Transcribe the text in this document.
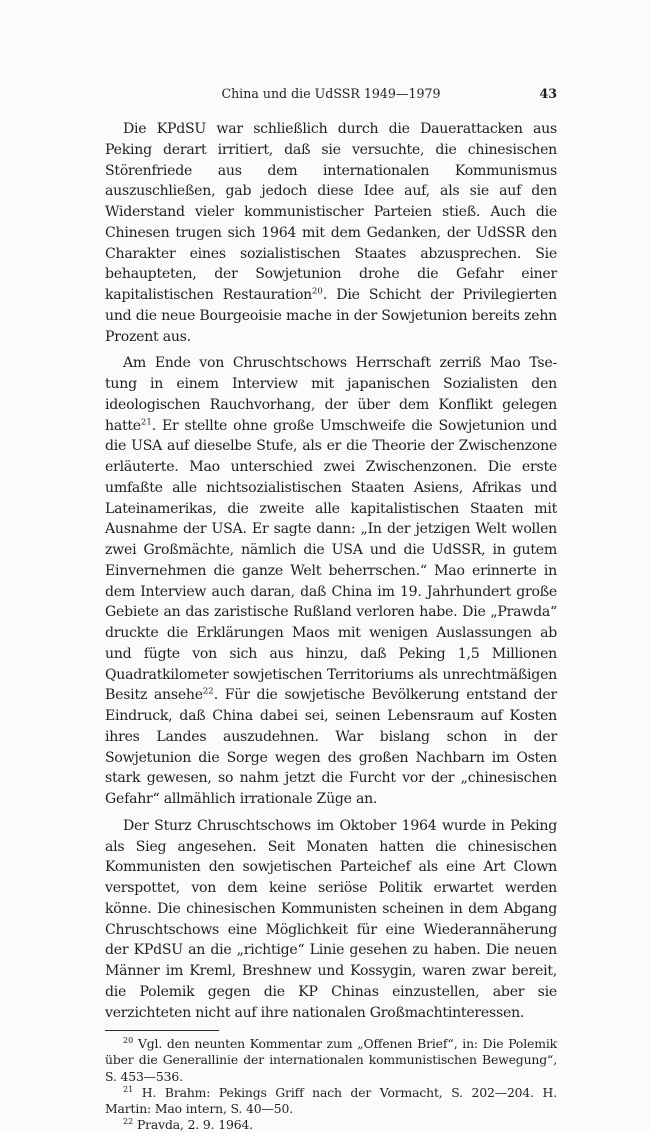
China und die UdSSR 1949—1979	43

Die KPdSU war schließlich durch die Dauerattacken aus Peking derart irritiert, daß sie versuchte, die chinesischen Störenfriede aus dem internationalen Kommunismus auszuschließen, gab jedoch diese Idee auf, als sie auf den Widerstand vieler kommunistischer Parteien stieß. Auch die Chinesen trugen sich 1964 mit dem Gedanken, der UdSSR den Charakter eines sozialistischen Staates abzusprechen. Sie behaupteten, der Sowjetunion drohe die Gefahr einer kapitalistischen Restauration$^{20}$. Die Schicht der Privilegierten und die neue Bourgeoisie mache in der Sowjetunion bereits zehn Prozent aus.

Am Ende von Chruschtschows Herrschaft zerriß Mao Tse-tung in einem Interview mit japanischen Sozialisten den ideologischen Rauchvorhang, der über dem Konflikt gelegen hatte$^{21}$. Er stellte ohne große Umschweife die Sowjetunion und die USA auf dieselbe Stufe, als er die Theorie der Zwischenzone erläuterte. Mao unterschied zwei Zwischenzonen. Die erste umfaßte alle nichtsozialistischen Staaten Asiens, Afrikas und Lateinamerikas, die zweite alle kapitalistischen Staaten mit Ausnahme der USA. Er sagte dann: „In der jetzigen Welt wollen zwei Großmächte, nämlich die USA und die UdSSR, in gutem Einvernehmen die ganze Welt beherrschen.“ Mao erinnerte in dem Interview auch daran, daß China im 19. Jahrhundert große Gebiete an das zaristische Rußland verloren habe. Die „Prawda“ druckte die Erklärungen Maos mit wenigen Auslassungen ab und fügte von sich aus hinzu, daß Peking 1,5 Millionen Quadratkilometer sowjetischen Territoriums als unrechtmäßigen Besitz ansehe$^{22}$. Für die sowjetische Bevölkerung entstand der Eindruck, daß China dabei sei, seinen Lebensraum auf Kosten ihres Landes auszudehnen. War bislang schon in der Sowjetunion die Sorge wegen des großen Nachbarn im Osten stark gewesen, so nahm jetzt die Furcht vor der „chinesischen Gefahr“ allmählich irrationale Züge an.

Der Sturz Chruschtschows im Oktober 1964 wurde in Peking als Sieg angesehen. Seit Monaten hatten die chinesischen Kommunisten den sowjetischen Parteichef als eine Art Clown verspottet, von dem keine seriöse Politik erwartet werden könne. Die chinesischen Kommunisten scheinen in dem Abgang Chruschtschows eine Möglichkeit für eine Wiederannäherung der KPdSU an die „richtige“ Linie gesehen zu haben. Die neuen Männer im Kreml, Breshnew und Kossygin, waren zwar bereit, die Polemik gegen die KP Chinas einzustellen, aber sie verzichteten nicht auf ihre nationalen Großmachtinteressen.

$^{20}$ Vgl. den neunten Kommentar zum „Offenen Brief“, in: Die Polemik über die Generallinie der internationalen kommunistischen Bewegung“, S. 453—536.

$^{21}$ H. Brahm: Pekings Griff nach der Vormacht, S. 202—204. H. Martin: Mao intern, S. 40—50.

$^{22}$ Pravda, 2. 9. 1964.
